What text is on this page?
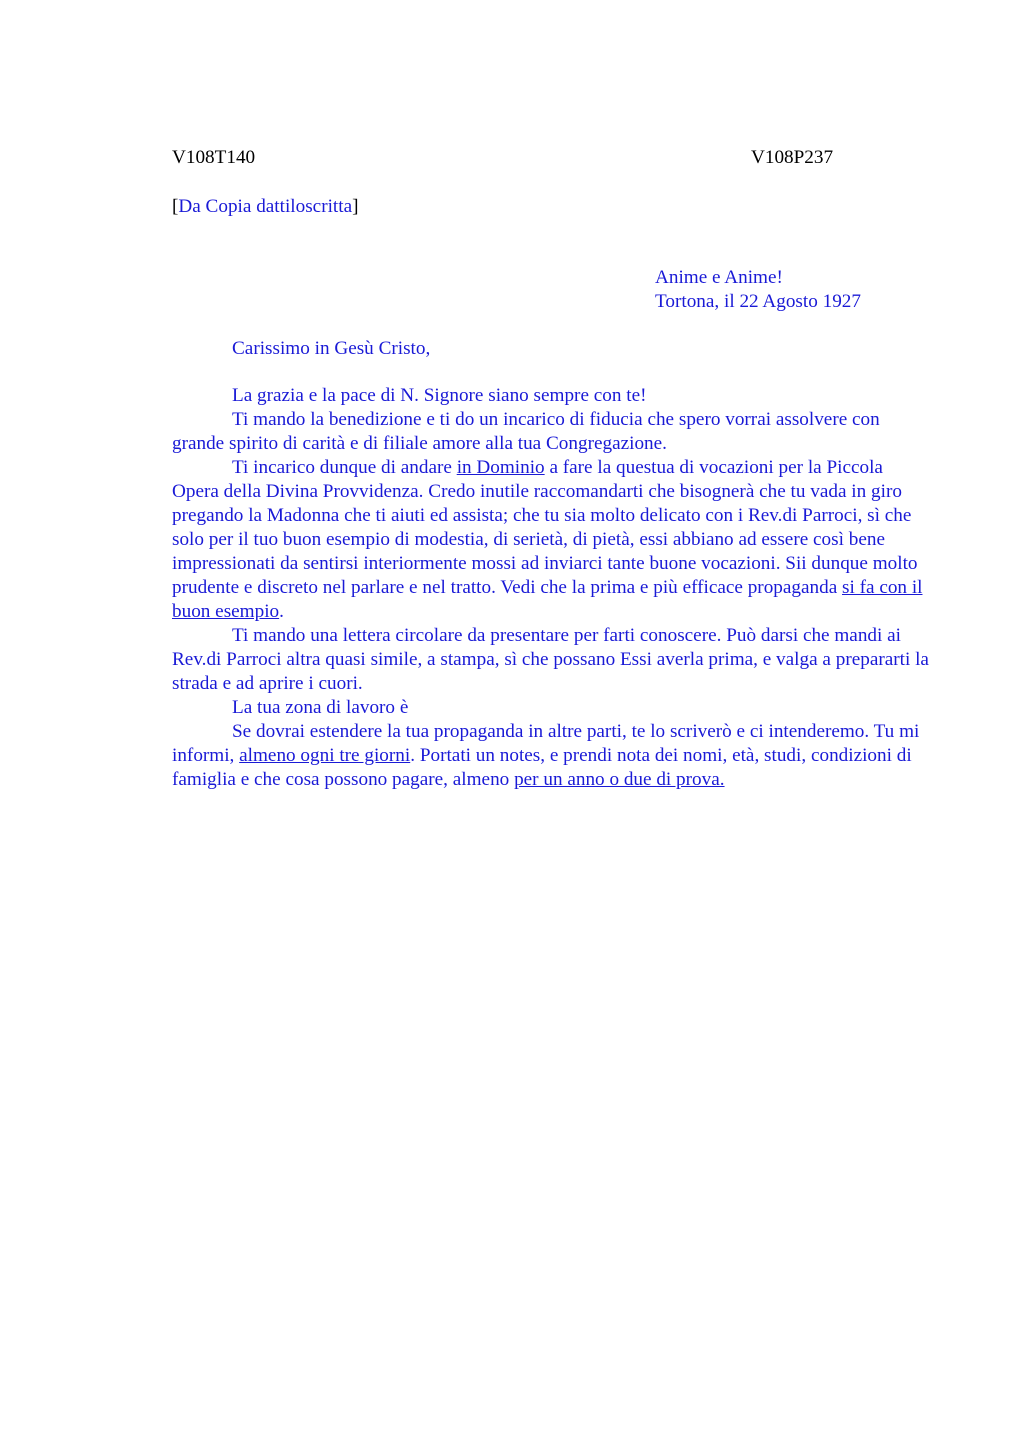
V108T140	V108P237
[Da Copia dattiloscritta]
Anime e Anime!
Tortona, il 22 Agosto 1927
Carissimo in Gesù Cristo,

La grazia e la pace di N. Signore siano sempre con te!

Ti mando la benedizione e ti do un incarico di fiducia che spero vorrai assolvere con grande spirito di carità e di filiale amore alla tua Congregazione.

Ti incarico dunque di andare in Dominio a fare la questua di vocazioni per la Piccola Opera della Divina Provvidenza. Credo inutile raccomandarti che bisognerà che tu vada in giro pregando la Madonna che ti aiuti ed assista; che tu sia molto delicato con i Rev.di Parroci, sì che solo per il tuo buon esempio di modestia, di serietà, di pietà, essi abbiano ad essere così bene impressionati da sentirsi interiormente mossi ad inviarci tante buone vocazioni. Sii dunque molto prudente e discreto nel parlare e nel tratto. Vedi che la prima e più efficace propaganda si fa con il buon esempio.

Ti mando una lettera circolare da presentare per farti conoscere. Può darsi che mandi ai Rev.di Parroci altra quasi simile, a stampa, sì che possano Essi averla prima, e valga a prepararti la strada e ad aprire i cuori.

La tua zona di lavoro è

Se dovrai estendere la tua propaganda in altre parti, te lo scriverò e ci intenderemo. Tu mi informi, almeno ogni tre giorni. Portati un notes, e prendi nota dei nomi, età, studi, condizioni di famiglia e che cosa possono pagare, almeno per un anno o due di prova.
